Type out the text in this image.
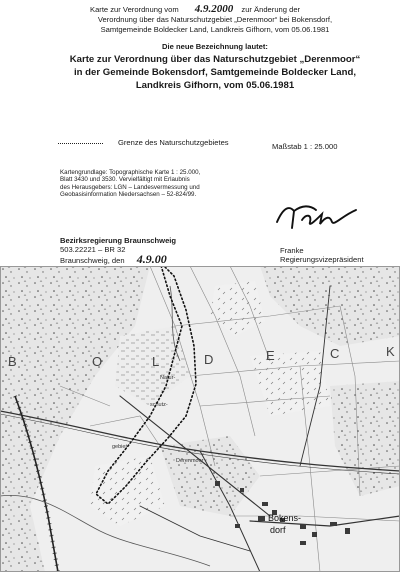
Karte zur Verordnung vom 4.9.2000 zur Änderung der
Verordnung über das Naturschutzgebiet „Derenmoor“ bei Bokensdorf,
Samtgemeinde Boldecker Land, Landkreis Gifhorn, vom 05.06.1981
Die neue Bezeichnung lautet:
Karte zur Verordnung über das Naturschutzgebiet „Derenmoor“
in der Gemeinde Bokensdorf, Samtgemeinde Boldecker Land,
Landkreis Gifhorn, vom 05.06.1981
Grenze des Naturschutzgebietes	Maßstab 1 : 25.000
Kartengrundlage: Topographische Karte 1 : 25.000,
Blatt 3430 und 3530. Vervielfältigt mit Erlaubnis
des Herausgebers: LGN – Landesvermessung und
Geobasisinformation Niedersachsen – 52-824/99.
Bezirksregierung Braunschweig
503.22221 – BR 32
Braunschweig, den 4.9.00
Franke
Regierungsvizepräsident
B	O	L	D	E	C	K
Natur-
schutz-
gebiet
Derenmoor
Bokens-
dorf
